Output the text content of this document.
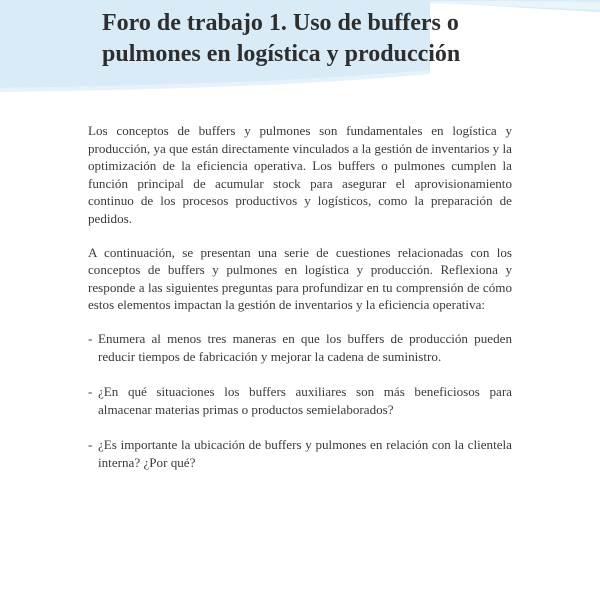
Foro de trabajo 1. Uso de buffers o pulmones en logística y producción

Los conceptos de buffers y pulmones son fundamentales en logística y producción, ya que están directamente vinculados a la gestión de inventarios y la optimización de la eficiencia operativa. Los buffers o pulmones cumplen la función principal de acumular stock para asegurar el aprovisionamiento continuo de los procesos productivos y logísticos, como la preparación de pedidos.

A continuación, se presentan una serie de cuestiones relacionadas con los conceptos de buffers y pulmones en logística y producción. Reflexiona y responde a las siguientes preguntas para profundizar en tu comprensión de cómo estos elementos impactan la gestión de inventarios y la eficiencia operativa:

- Enumera al menos tres maneras en que los buffers de producción pueden reducir tiempos de fabricación y mejorar la cadena de suministro.
- ¿En qué situaciones los buffers auxiliares son más beneficiosos para almacenar materias primas o productos semielaborados?
- ¿Es importante la ubicación de buffers y pulmones en relación con la clientela interna? ¿Por qué?
